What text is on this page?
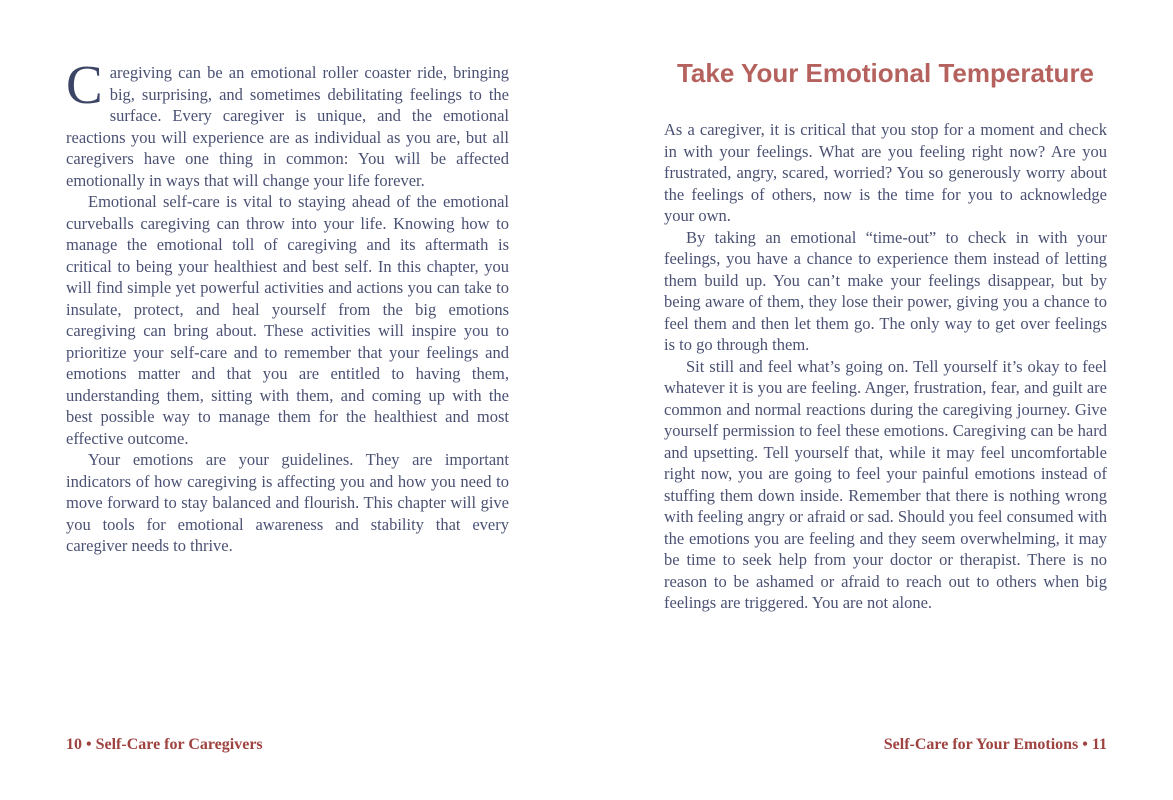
Caregiving can be an emotional roller coaster ride, bringing big, surprising, and sometimes debilitating feelings to the surface. Every caregiver is unique, and the emotional reactions you will experience are as individual as you are, but all caregivers have one thing in common: You will be affected emotionally in ways that will change your life forever.

Emotional self-care is vital to staying ahead of the emotional curveballs caregiving can throw into your life. Knowing how to manage the emotional toll of caregiving and its aftermath is critical to being your healthiest and best self. In this chapter, you will find simple yet powerful activities and actions you can take to insulate, protect, and heal yourself from the big emotions caregiving can bring about. These activities will inspire you to prioritize your self-care and to remember that your feelings and emotions matter and that you are entitled to having them, understanding them, sitting with them, and coming up with the best possible way to manage them for the healthiest and most effective outcome.

Your emotions are your guidelines. They are important indicators of how caregiving is affecting you and how you need to move forward to stay balanced and flourish. This chapter will give you tools for emotional awareness and stability that every caregiver needs to thrive.

Take Your Emotional Temperature

As a caregiver, it is critical that you stop for a moment and check in with your feelings. What are you feeling right now? Are you frustrated, angry, scared, worried? You so generously worry about the feelings of others, now is the time for you to acknowledge your own.

By taking an emotional “time-out” to check in with your feelings, you have a chance to experience them instead of letting them build up. You can’t make your feelings disappear, but by being aware of them, they lose their power, giving you a chance to feel them and then let them go. The only way to get over feelings is to go through them.

Sit still and feel what’s going on. Tell yourself it’s okay to feel whatever it is you are feeling. Anger, frustration, fear, and guilt are common and normal reactions during the caregiving journey. Give yourself permission to feel these emotions. Caregiving can be hard and upsetting. Tell yourself that, while it may feel uncomfortable right now, you are going to feel your painful emotions instead of stuffing them down inside. Remember that there is nothing wrong with feeling angry or afraid or sad. Should you feel consumed with the emotions you are feeling and they seem overwhelming, it may be time to seek help from your doctor or therapist. There is no reason to be ashamed or afraid to reach out to others when big feelings are triggered. You are not alone.

10 • Self-Care for Caregivers	Self-Care for Your Emotions • 11
